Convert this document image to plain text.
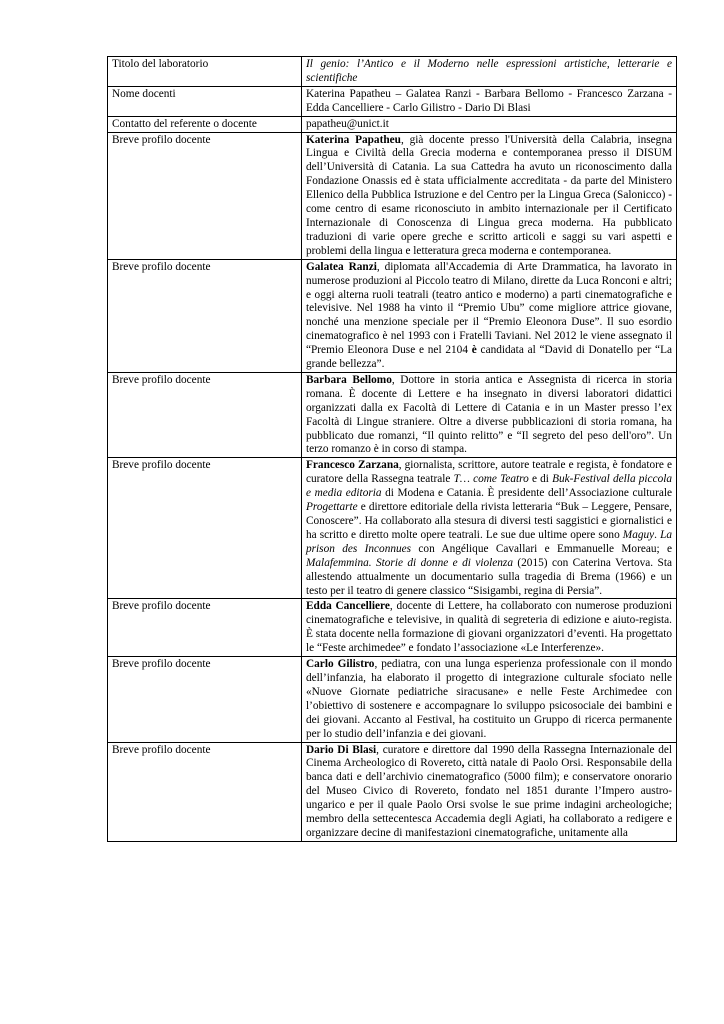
Titolo del laboratorio	Il genio: l’Antico e il Moderno nelle espressioni artistiche, letterarie e scientifiche
Nome docenti	Katerina Papatheu – Galatea Ranzi - Barbara Bellomo - Francesco Zarzana - Edda Cancelliere - Carlo Gilistro - Dario Di Blasi
Contatto del referente o docente	papatheu@unict.it
Breve profilo docente	Katerina Papatheu, già docente presso l'Università della Calabria, insegna Lingua e Civiltà della Grecia moderna e contemporanea presso il DISUM dell’Università di Catania. La sua Cattedra ha avuto un riconoscimento dalla Fondazione Onassis ed è stata ufficialmente accreditata - da parte del Ministero Ellenico della Pubblica Istruzione e del Centro per la Lingua Greca (Salonicco) - come centro di esame riconosciuto in ambito internazionale per il Certificato Internazionale di Conoscenza di Lingua greca moderna. Ha pubblicato traduzioni di varie opere greche e scritto articoli e saggi su vari aspetti e problemi della lingua e letteratura greca moderna e contemporanea.
Breve profilo docente	Galatea Ranzi, diplomata all'Accademia di Arte Drammatica, ha lavorato in numerose produzioni al Piccolo teatro di Milano, dirette da Luca Ronconi e altri; e oggi alterna ruoli teatrali (teatro antico e moderno) a parti cinematografiche e televisive. Nel 1988 ha vinto il “Premio Ubu” come migliore attrice giovane, nonché una menzione speciale per il “Premio Eleonora Duse”. Il suo esordio cinematografico è nel 1993 con i Fratelli Taviani. Nel 2012 le viene assegnato il “Premio Eleonora Duse e nel 2104 è candidata al “David di Donatello per “La grande bellezza”.
Breve profilo docente	Barbara Bellomo, Dottore in storia antica e Assegnista di ricerca in storia romana. È docente di Lettere e ha insegnato in diversi laboratori didattici organizzati dalla ex Facoltà di Lettere di Catania e in un Master presso l’ex Facoltà di Lingue straniere. Oltre a diverse pubblicazioni di storia romana, ha pubblicato due romanzi, “Il quinto relitto” e “Il segreto del peso dell'oro”. Un terzo romanzo è in corso di stampa.
Breve profilo docente	Francesco Zarzana, giornalista, scrittore, autore teatrale e regista, è fondatore e curatore della Rassegna teatrale T… come Teatro e di Buk-Festival della piccola e media editoria di Modena e Catania. È presidente dell’Associazione culturale Progettarte e direttore editoriale della rivista letteraria “Buk – Leggere, Pensare, Conoscere”. Ha collaborato alla stesura di diversi testi saggistici e giornalistici e ha scritto e diretto molte opere teatrali. Le sue due ultime opere sono Maguy. La prison des Inconnues con Angélique Cavallari e Emmanuelle Moreau; e Malafemmina. Storie di donne e di violenza (2015) con Caterina Vertova. Sta allestendo attualmente un documentario sulla tragedia di Brema (1966) e un testo per il teatro di genere classico “Sisigambi, regina di Persia”.
Breve profilo docente	Edda Cancelliere, docente di Lettere, ha collaborato con numerose produzioni cinematografiche e televisive, in qualità di segreteria di edizione e aiuto-regista. È stata docente nella formazione di giovani organizzatori d’eventi. Ha progettato le “Feste archimedee” e fondato l’associazione «Le Interferenze».
Breve profilo docente	Carlo Gilistro, pediatra, con una lunga esperienza professionale con il mondo dell’infanzia, ha elaborato il progetto di integrazione culturale sfociato nelle «Nuove Giornate pediatriche siracusane» e nelle Feste Archimedee con l’obiettivo di sostenere e accompagnare lo sviluppo psicosociale dei bambini e dei giovani. Accanto al Festival, ha costituito un Gruppo di ricerca permanente per lo studio dell’infanzia e dei giovani.
Breve profilo docente	Dario Di Blasi, curatore e direttore dal 1990 della Rassegna Internazionale del Cinema Archeologico di Rovereto, città natale di Paolo Orsi. Responsabile della banca dati e dell’archivio cinematografico (5000 film); e conservatore onorario del Museo Civico di Rovereto, fondato nel 1851 durante l’Impero austro-ungarico e per il quale Paolo Orsi svolse le sue prime indagini archeologiche; membro della settecentesca Accademia degli Agiati, ha collaborato a redigere e organizzare decine di manifestazioni cinematografiche, unitamente alla
